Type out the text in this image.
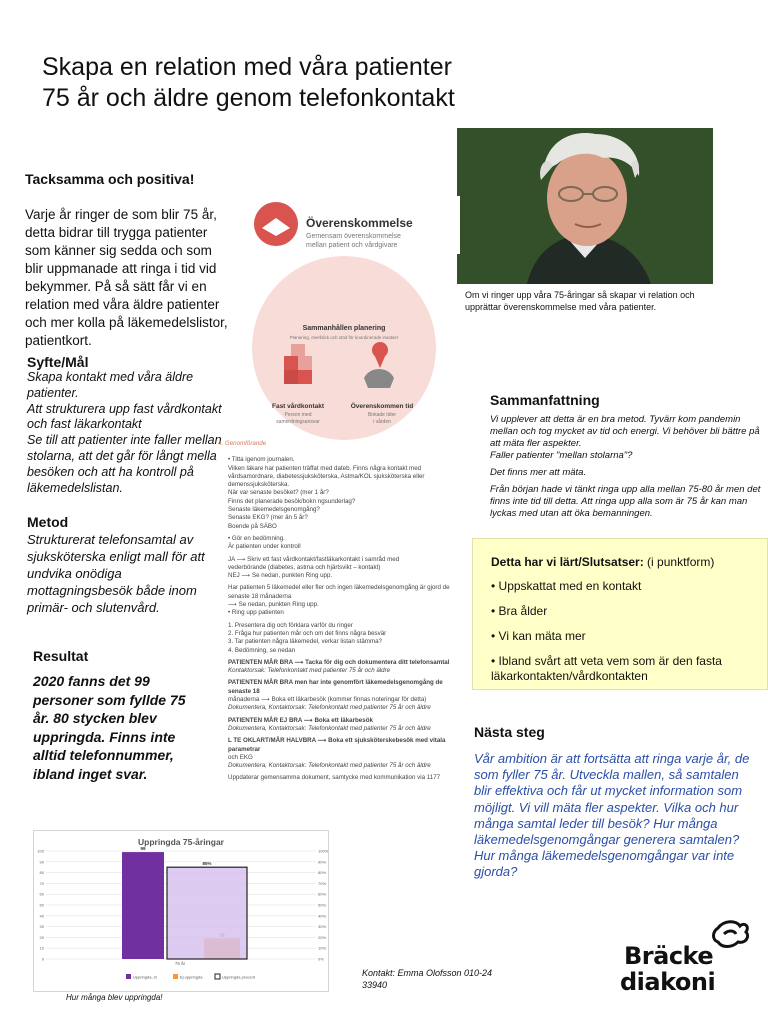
Skapa en relation med våra patienter
75 år och äldre genom telefonkontakt
Tacksamma och positiva!
Varje år ringer de som blir 75 år, detta bidrar till trygga patienter som känner sig sedda och som blir uppmanade att ringa i tid vid bekymmer. På så sätt får vi en relation med våra äldre patienter och mer kolla på läkemedelslistor, patientkort.
Om vi ringer upp våra 75-åringar så skapar vi relation och upprättar överenskommelse med våra patienter.
Överenskommelse
Gemensam överenskommelse
mellan patient och vårdgivare
Sammanhållen planering
Planering, överblick och stöd för koordinerade insatser
Fast vårdkontakt
Person med
samordningsansvar
Överenskommen tid
Bokade tider
i vården
Syfte/Mål
Skapa kontakt med våra äldre patienter.
Att strukturera upp fast vårdkontakt och fast läkarkontakt
Se till att patienter inte faller mellan stolarna, att det går för långt mella besöken och att ha kontroll på läkemedelslistan.
Metod
Strukturerat telefonsamtal av sjuksköterska enligt mall för att undvika onödiga mottagningsbesök både inom primär- och slutenvård.
Resultat
2020 fanns det 99 personer som fyllde 75 år. 80 stycken blev uppringda. Finns inte alltid telefonnummer, ibland inget svar.
4. Genomförande
• Titta igenom journalen.
Vilken läkare har patienten träffat med dateb. Finns några kontakt med
vårdsamordnare, diabetessjuksköterska, Astma/KOL sjuksköterska eller
demenssjuksköterska.
När var senaste besöket? (mer 1 år?
Finns det planerade besök/bokn ngsunderlag?
Senaste läkemedelsgenomgång?
Senaste EKG? (mer än 5 år?
Boende på SÄBO
• Gör en bedömning.
Är patienten under kontroll
JA ⟶ Skriv ett fast vårdkontakt/fastläkarkontakt i samråd med
vederbörande (diabetes, astma och hjärtsvikt – kontakt)
NEJ ⟶ Se nedan, punkten Ring upp.
Har patienten 5 läkemedel eller fler och ingen läkemedelsgenomgång är gjord de
senaste 18 månaderna
⟶ Se nedan, punkten Ring upp.
• Ring upp patienten
1. Presentera dig och förklara varför du ringer
2. Fråga hur patienten mår och om det finns några besvär
3. Tar patienten några läkemedel, verkar listan stämma?
4. Bedömning, se nedan
PATIENTEN MÅR BRA ⟶ Tacka för dig och dokumentera ditt telefonsamtal
Kontaktorsak: Telefonkontakt med patienter 75 år och äldre
PATIENTEN MÅR BRA men har inte genomfört läkemedelsgenomgång de senaste 18
månaderna ⟶ Boka ett läkarbesök (kommer finnas noteringar för detta)
Dokumentera, Kontaktorsak: Telefonkontakt med patienter 75 år och äldre
PATIENTEN MÅR EJ BRA ⟶ Boka ett läkarbesök
Dokumentera, Kontaktorsak: Telefonkontakt med patienter 75 år och äldre
L TE OKLART/MÅR HALVBRA ⟶ Boka ett sjuksköterskebesök med vitala parametrar
och EKG
Dokumentera, Kontaktorsak: Telefonkontakt med patienter 75 år och äldre
Uppdaterar gemensamma dokument, samtycke med kommunikation via 1177
Sammanfattning
Vi upplever att detta är en bra metod. Tyvärr kom pandemin mellan och tog mycket av tid och energi. Vi behöver bli bättre på att mäta fler aspekter.
Faller patienter "mellan stolarna"?
Det finns mer att mäta.
Från början hade vi tänkt ringa upp alla mellan 75-80 år men det finns inte tid till detta. Att ringa upp alla som är 75 år kan man lyckas med utan att öka bemanningen.
Detta har vi lärt/Slutsatser: (i punktform)
• Uppskattat med en kontakt
• Bra ålder
• Vi kan mäta mer
• Ibland svårt att veta vem som är den fasta läkarkontakten/vårdkontakten
Nästa steg
Vår ambition är att fortsätta att ringa varje år, de som fyller 75 år. Utveckla mallen, så samtalen blir effektiva och får ut mycket information som möjligt. Vi vill mäta fler aspekter. Vilka och hur många samtal leder till besök? Hur många läkemedelsgenomgångar generera samtalen? Hur många läkemedelsgenomgångar var inte gjorda?
Uppringda 75-åringar
0	0%
10	10%
20	20%
30	30%
40	40%
50	50%
60	60%
70	70%
80	80%
90	90%
100	100%
99
85%
75 år
Uppringda, st	Ej uppringda	Uppringda procent
Hur många blev uppringda!
Kontakt: Emma Olofsson 010-24
33940
Bräcke
diakoni
